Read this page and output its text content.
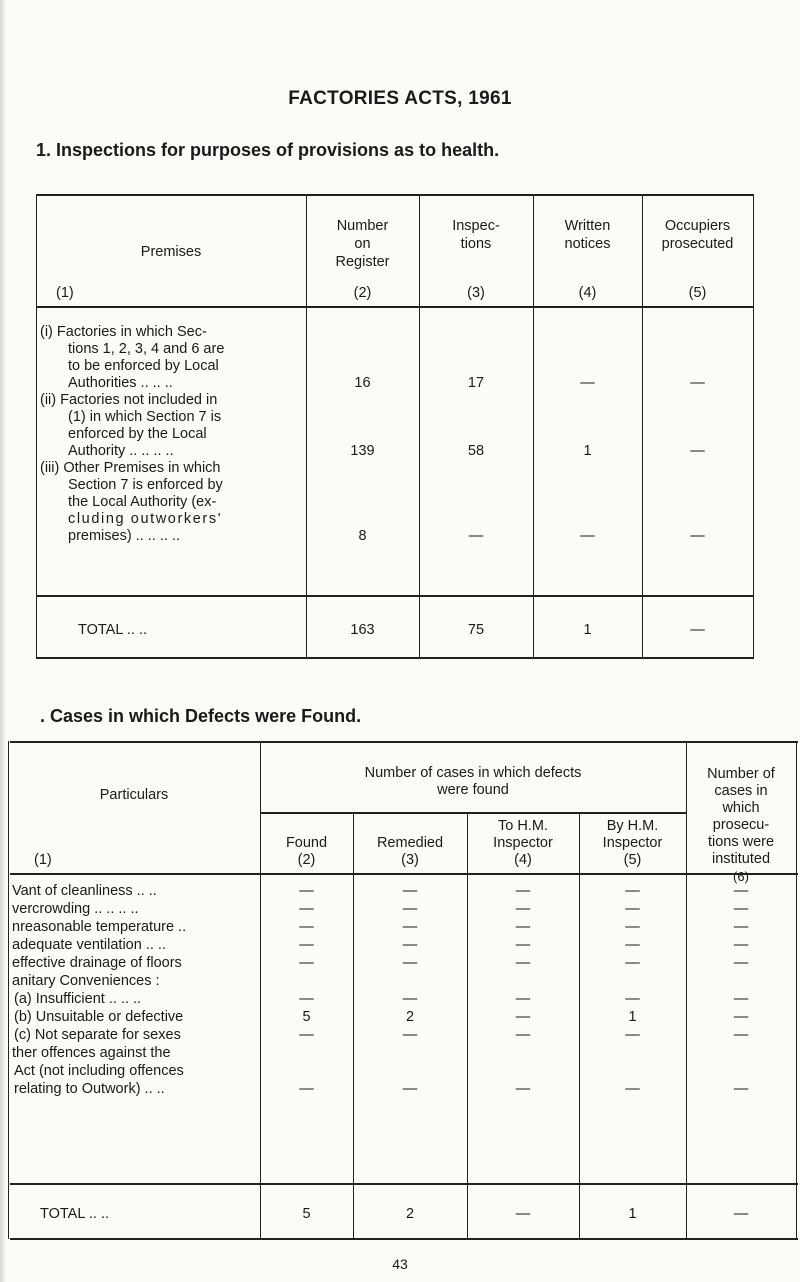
FACTORIES ACTS, 1961
1. Inspections for purposes of provisions as to health.
Premises
(1)
Number
on
Register
(2)
Inspec-
tions
(3)
Written
notices
(4)
Occupiers
prosecuted
(5)
(i) Factories in which Sec-
tions 1, 2, 3, 4 and 6 are
to be enforced by Local
Authorities .. .. ..	16	17	—	—
(ii) Factories not included in
(1) in which Section 7 is
enforced by the Local
Authority .. .. .. ..	139	58	1	—
(iii) Other Premises in which
Section 7 is enforced by
the Local Authority (ex-
cluding outworkers'
premises) .. .. .. ..	8	—	—	—
TOTAL .. ..	163	75	1	—
. Cases in which Defects were Found.
Particulars
(1)
Number of cases in which defects
were found
Found
(2)
Remedied
(3)
To H.M.
Inspector
(4)
By H.M.
Inspector
(5)
Number of
cases in
which
prosecu-
tions were
instituted
(6)
Vant of cleanliness .. ..	—	—	—	—	—
vercrowding .. .. .. ..	—	—	—	—	—
nreasonable temperature ..	—	—	—	—	—
adequate ventilation .. ..	—	—	—	—	—
effective drainage of floors	—	—	—	—	—
anitary Conveniences :
(a) Insufficient .. .. ..	—	—	—	—	—
(b) Unsuitable or defective	5	2	—	1	—
(c) Not separate for sexes	—	—	—	—	—
ther offences against the
Act (not including offences
relating to Outwork) .. ..	—	—	—	—	—
TOTAL .. ..	5	2	—	1	—
43
